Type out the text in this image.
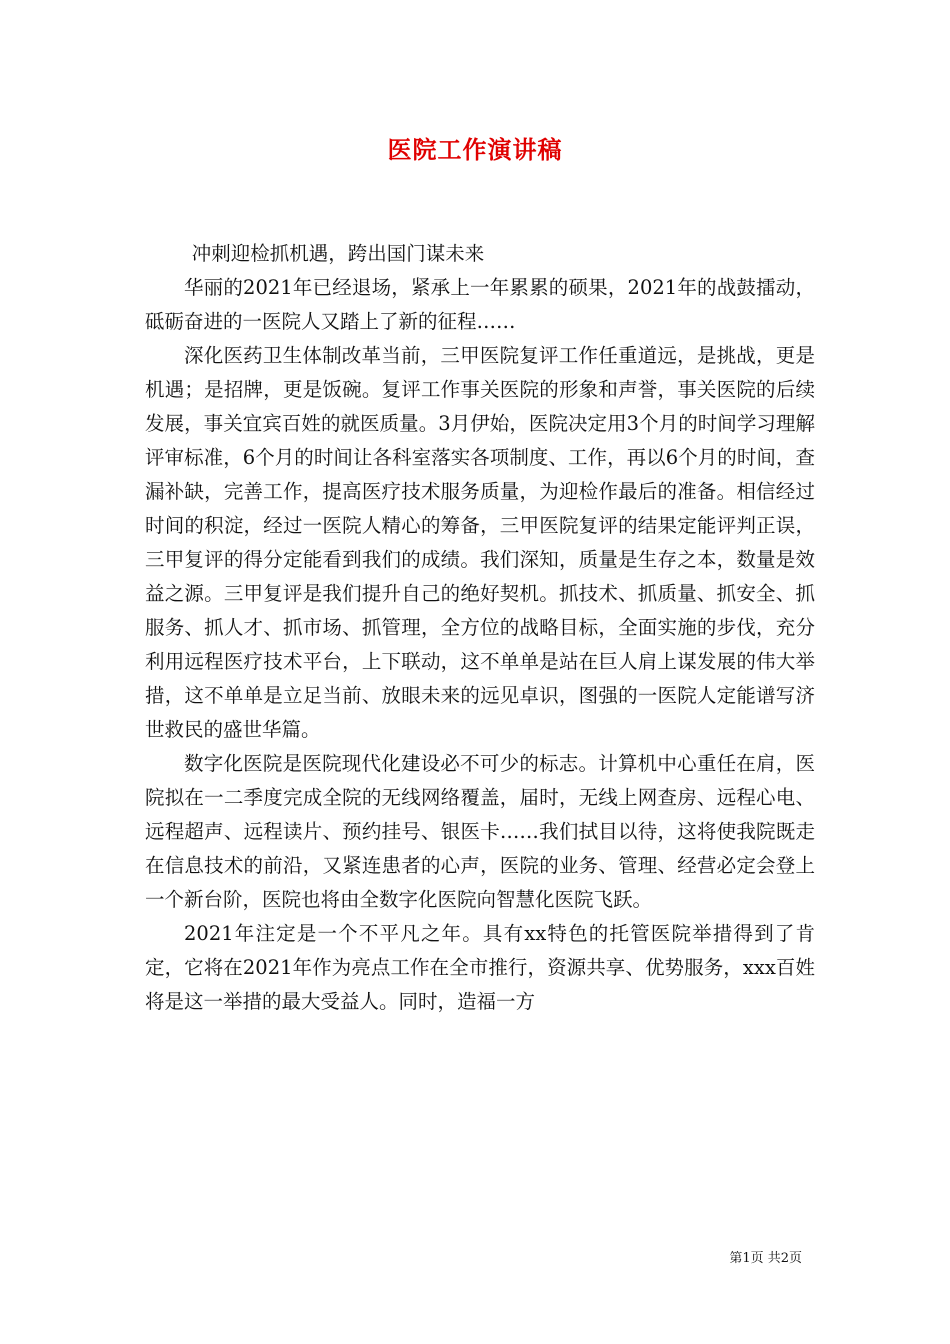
医院工作演讲稿

冲刺迎检抓机遇，跨出国门谋未来

华丽的2021年已经退场，紧承上一年累累的硕果，2021年的战鼓擂动，砥砺奋进的一医院人又踏上了新的征程……

深化医药卫生体制改革当前，三甲医院复评工作任重道远，是挑战，更是机遇；是招牌，更是饭碗。复评工作事关医院的形象和声誉，事关医院的后续发展，事关宜宾百姓的就医质量。3月伊始，医院决定用3个月的时间学习理解评审标准，6个月的时间让各科室落实各项制度、工作，再以6个月的时间，查漏补缺，完善工作，提高医疗技术服务质量，为迎检作最后的准备。相信经过时间的积淀，经过一医院人精心的筹备，三甲医院复评的结果定能评判正误，三甲复评的得分定能看到我们的成绩。我们深知，质量是生存之本，数量是效益之源。三甲复评是我们提升自己的绝好契机。抓技术、抓质量、抓安全、抓服务、抓人才、抓市场、抓管理，全方位的战略目标，全面实施的步伐，充分利用远程医疗技术平台，上下联动，这不单单是站在巨人肩上谋发展的伟大举措，这不单单是立足当前、放眼未来的远见卓识，图强的一医院人定能谱写济世救民的盛世华篇。

数字化医院是医院现代化建设必不可少的标志。计算机中心重任在肩，医院拟在一二季度完成全院的无线网络覆盖，届时，无线上网查房、远程心电、远程超声、远程读片、预约挂号、银医卡……我们拭目以待，这将使我院既走在信息技术的前沿，又紧连患者的心声，医院的业务、管理、经营必定会登上一个新台阶，医院也将由全数字化医院向智慧化医院飞跃。

2021年注定是一个不平凡之年。具有xx特色的托管医院举措得到了肯定，它将在2021年作为亮点工作在全市推行，资源共享、优势服务，xxx百姓将是这一举措的最大受益人。同时，造福一方

第1页 共2页
